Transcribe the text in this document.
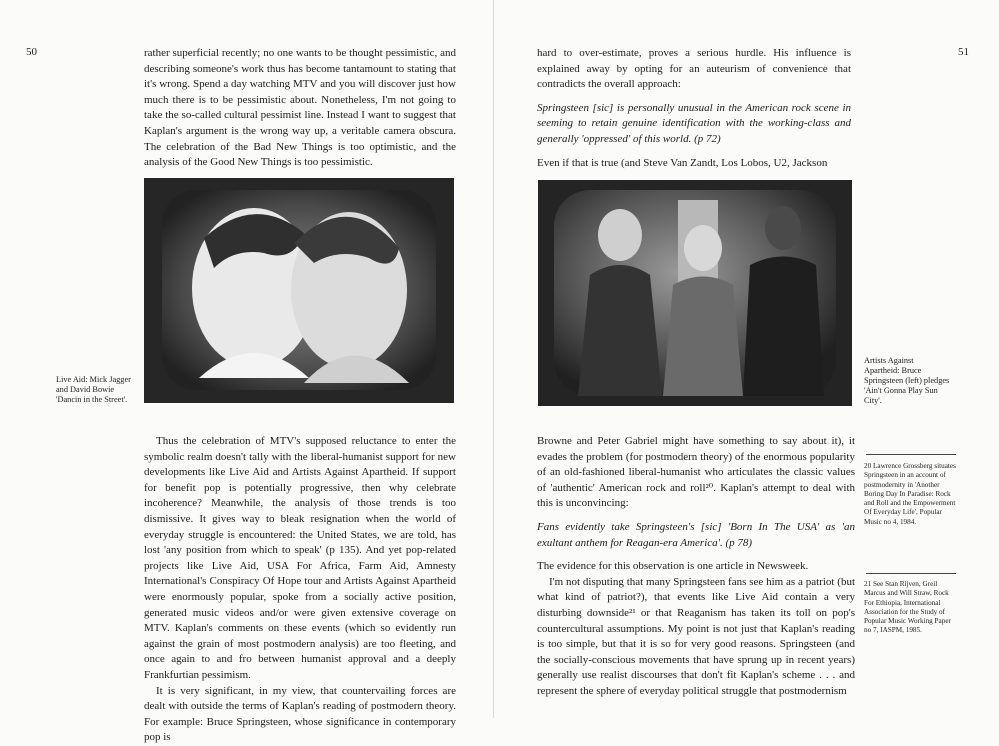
50	rather superficial recently; no one wants to be thought pessimistic, and describing someone's work thus has become tantamount to stating that it's wrong. Spend a day watching MTV and you will discover just how much there is to be pessimistic about. Nonetheless, I'm not going to take the so-called cultural pessimist line. Instead I want to suggest that Kaplan's argument is the wrong way up, a veritable camera obscura. The celebration of the Bad New Things is too optimistic, and the analysis of the Good New Things is too pessimistic.

Live Aid: Mick Jagger and David Bowie 'Dancin in the Street'.

Thus the celebration of MTV's supposed reluctance to enter the symbolic realm doesn't tally with the liberal-humanist support for new developments like Live Aid and Artists Against Apartheid. If support for benefit pop is potentially progressive, then why celebrate incoherence? Meanwhile, the analysis of those trends is too dismissive. It gives way to bleak resignation when the world of everyday struggle is encountered: the United States, we are told, has lost 'any position from which to speak' (p 135). And yet pop-related projects like Live Aid, USA For Africa, Farm Aid, Amnesty International's Conspiracy Of Hope tour and Artists Against Apartheid were enormously popular, spoke from a socially active position, generated music videos and/or were given extensive coverage on MTV. Kaplan's comments on these events (which so evidently run against the grain of most postmodern analysis) are too fleeting, and once again to and fro between humanist approval and a deeply Frankfurtian pessimism.

It is very significant, in my view, that countervailing forces are dealt with outside the terms of Kaplan's reading of postmodern theory. For example: Bruce Springsteen, whose significance in contemporary pop is

51

hard to over-estimate, proves a serious hurdle. His influence is explained away by opting for an auteurism of convenience that contradicts the overall approach:

Springsteen [sic] is personally unusual in the American rock scene in seeming to retain genuine identification with the working-class and generally 'oppressed' of this world. (p 72)

Even if that is true (and Steve Van Zandt, Los Lobos, U2, Jackson

Artists Against Apartheid: Bruce Springsteen (left) pledges 'Ain't Gonna Play Sun City'.

Browne and Peter Gabriel might have something to say about it), it evades the problem (for postmodern theory) of the enormous popularity of an old-fashioned liberal-humanist who articulates the classic values of 'authentic' American rock and roll²⁰. Kaplan's attempt to deal with this is unconvincing:

Fans evidently take Springsteen's [sic] 'Born In The USA' as 'an exultant anthem for Reagan-era America'. (p 78)

The evidence for this observation is one article in Newsweek.

I'm not disputing that many Springsteen fans see him as a patriot (but what kind of patriot?), that events like Live Aid contain a very disturbing downside²¹ or that Reaganism has taken its toll on pop's countercultural assumptions. My point is not just that Kaplan's reading is too simple, but that it is so for very good reasons. Springsteen (and the socially-conscious movements that have sprung up in recent years) generally use realist discourses that don't fit Kaplan's scheme . . . and represent the sphere of everyday political struggle that postmodernism

20 Lawrence Grossberg situates Springsteen in an account of postmodernity in 'Another Boring Day In Paradise: Rock and Roll and the Empowerment Of Everyday Life', Popular Music no 4, 1984.
21 See Stan Rijven, Greil Marcus and Will Straw, Rock For Ethiopia, International Association for the Study of Popular Music Working Paper no 7, IASPM, 1985.
